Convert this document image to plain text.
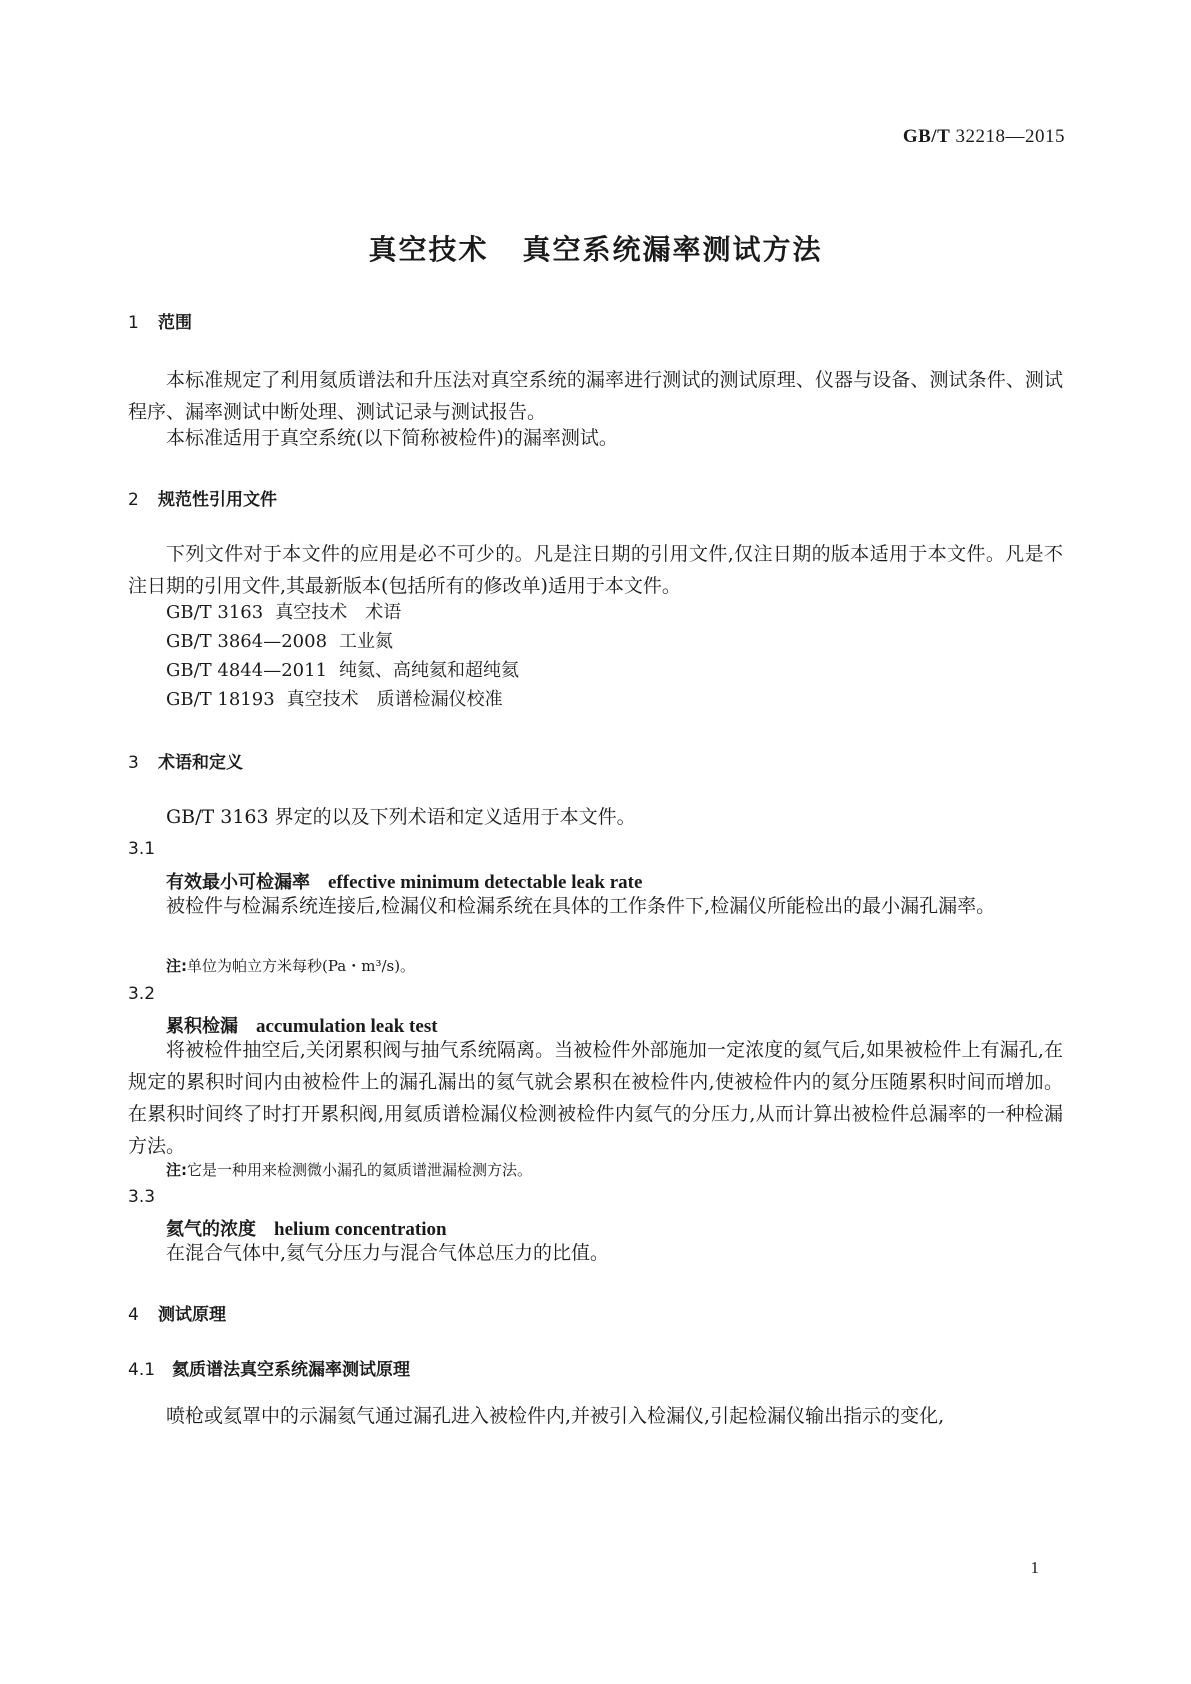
GB/T 32218—2015
真空技术 真空系统漏率测试方法
1 范围
本标准规定了利用氦质谱法和升压法对真空系统的漏率进行测试的测试原理、仪器与设备、测试条件、测试程序、漏率测试中断处理、测试记录与测试报告。
本标准适用于真空系统(以下简称被检件)的漏率测试。
2 规范性引用文件
下列文件对于本文件的应用是必不可少的。凡是注日期的引用文件,仅注日期的版本适用于本文件。凡是不注日期的引用文件,其最新版本(包括所有的修改单)适用于本文件。
GB/T 3163 真空技术　术语
GB/T 3864—2008 工业氮
GB/T 4844—2011 纯氦、高纯氦和超纯氦
GB/T 18193 真空技术　质谱检漏仪校准
3 术语和定义
GB/T 3163 界定的以及下列术语和定义适用于本文件。
3.1
有效最小可检漏率 effective minimum detectable leak rate
被检件与检漏系统连接后,检漏仪和检漏系统在具体的工作条件下,检漏仪所能检出的最小漏孔漏率。
注:单位为帕立方米每秒(Pa・m³/s)。
3.2
累积检漏 accumulation leak test
将被检件抽空后,关闭累积阀与抽气系统隔离。当被检件外部施加一定浓度的氦气后,如果被检件上有漏孔,在规定的累积时间内由被检件上的漏孔漏出的氦气就会累积在被检件内,使被检件内的氦分压随累积时间而增加。在累积时间终了时打开累积阀,用氦质谱检漏仪检测被检件内氦气的分压力,从而计算出被检件总漏率的一种检漏方法。
注:它是一种用来检测微小漏孔的氦质谱泄漏检测方法。
3.3
氦气的浓度 helium concentration
在混合气体中,氦气分压力与混合气体总压力的比值。
4 测试原理
4.1 氦质谱法真空系统漏率测试原理
喷枪或氦罩中的示漏氦气通过漏孔进入被检件内,并被引入检漏仪,引起检漏仪输出指示的变化,
1
